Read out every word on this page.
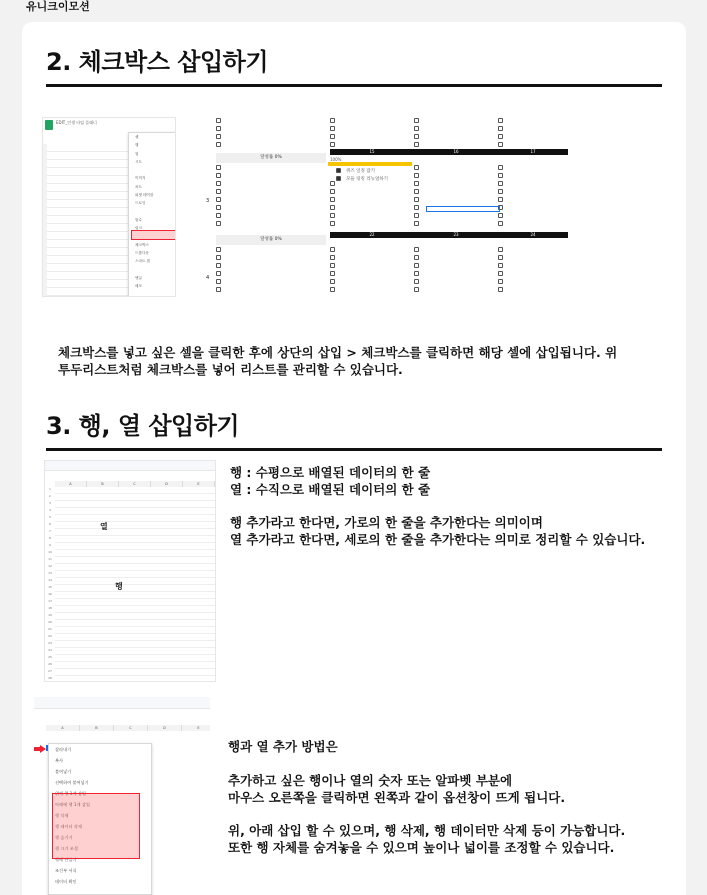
유니크이모션
2. 체크박스 삽입하기
EDIT_인생 타임 플래너
셀
행
열
시트
이미지
차트
피벗 테이블
드로잉
함수
링크
체크박스
드롭다운
스마트 칩
댓글
메모
달성률 0%
달성률 0%
15	16	17
22	23	24
100%
퀴즈 일정 잡기
모듈 링킹 리뉴얼하기
3
4
체크박스를 넣고 싶은 셀을 클릭한 후에 상단의 삽입 > 체크박스를 클릭하면 해당 셀에 삽입됩니다. 위
투두리스트처럼 체크박스를 넣어 리스트를 관리할 수 있습니다.
3. 행, 열 삽입하기
A	B	C	D	E
1
2
3
4
5
6
7
8
9
10
11
12
13
14
15
16
17
18
19
20
21
22
23
24
25
26
27
28
열
행
행 : 수평으로 배열된 데이터의 한 줄
열 : 수직으로 배열된 데이터의 한 줄
행 추가라고 한다면, 가로의 한 줄을 추가한다는 의미이며
열 추가라고 한다면, 세로의 한 줄을 추가한다는 의미로 정리할 수 있습니다.
A	B	C	D	E
잘라내기
복사
붙여넣기
선택하여 붙여넣기
위에 행 1개 삽입
아래에 행 1개 삽입
행 삭제
행 데이터 삭제
행 숨기기
행 크기 조절
행에 만들기
조건부 서식
데이터 확인
행과 열 추가 방법은
추가하고 싶은 행이나 열의 숫자 또는 알파벳 부분에
마우스 오른쪽을 클릭하면 왼쪽과 같이 옵션창이 뜨게 됩니다.
위, 아래 삽입 할 수 있으며, 행 삭제, 행 데이터만 삭제 등이 가능합니다.
또한 행 자체를 숨겨놓을 수 있으며 높이나 넓이를 조정할 수 있습니다.
